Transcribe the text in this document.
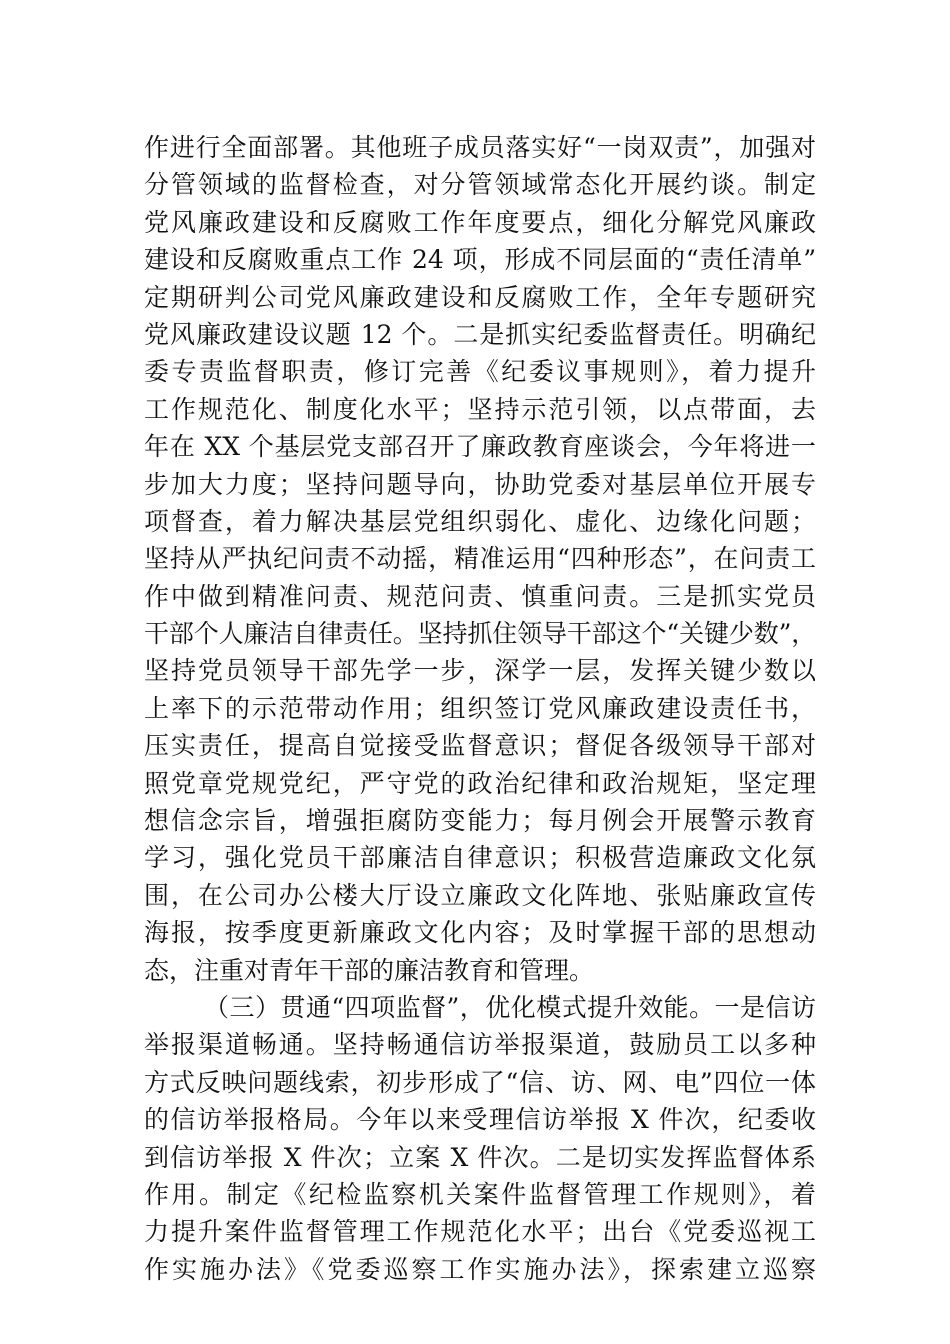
作进行全面部署。其他班子成员落实好“一岗双责”，加强对
分管领域的监督检查，对分管领域常态化开展约谈。制定
党风廉政建设和反腐败工作年度要点，细化分解党风廉政
建设和反腐败重点工作 24 项，形成不同层面的“责任清单”
定期研判公司党风廉政建设和反腐败工作，全年专题研究
党风廉政建设议题 12 个。二是抓实纪委监督责任。明确纪
委专责监督职责，修订完善《纪委议事规则》，着力提升
工作规范化、制度化水平；坚持示范引领，以点带面，去
年在 XX 个基层党支部召开了廉政教育座谈会，今年将进一
步加大力度；坚持问题导向，协助党委对基层单位开展专
项督查，着力解决基层党组织弱化、虚化、边缘化问题；
坚持从严执纪问责不动摇，精准运用“四种形态”，在问责工
作中做到精准问责、规范问责、慎重问责。三是抓实党员
干部个人廉洁自律责任。坚持抓住领导干部这个“关键少数”，
坚持党员领导干部先学一步，深学一层，发挥关键少数以
上率下的示范带动作用；组织签订党风廉政建设责任书，
压实责任，提高自觉接受监督意识；督促各级领导干部对
照党章党规党纪，严守党的政治纪律和政治规矩，坚定理
想信念宗旨，增强拒腐防变能力；每月例会开展警示教育
学习，强化党员干部廉洁自律意识；积极营造廉政文化氛
围，在公司办公楼大厅设立廉政文化阵地、张贴廉政宣传
海报，按季度更新廉政文化内容；及时掌握干部的思想动
态，注重对青年干部的廉洁教育和管理。
（三）贯通“四项监督”，优化模式提升效能。一是信访
举报渠道畅通。坚持畅通信访举报渠道，鼓励员工以多种
方式反映问题线索，初步形成了“信、访、网、电”四位一体
的信访举报格局。今年以来受理信访举报 X 件次，纪委收
到信访举报 X 件次；立案 X 件次。二是切实发挥监督体系
作用。制定《纪检监察机关案件监督管理工作规则》，着
力提升案件监督管理工作规范化水平；出台《党委巡视工
作实施办法》《党委巡察工作实施办法》，探索建立巡察
